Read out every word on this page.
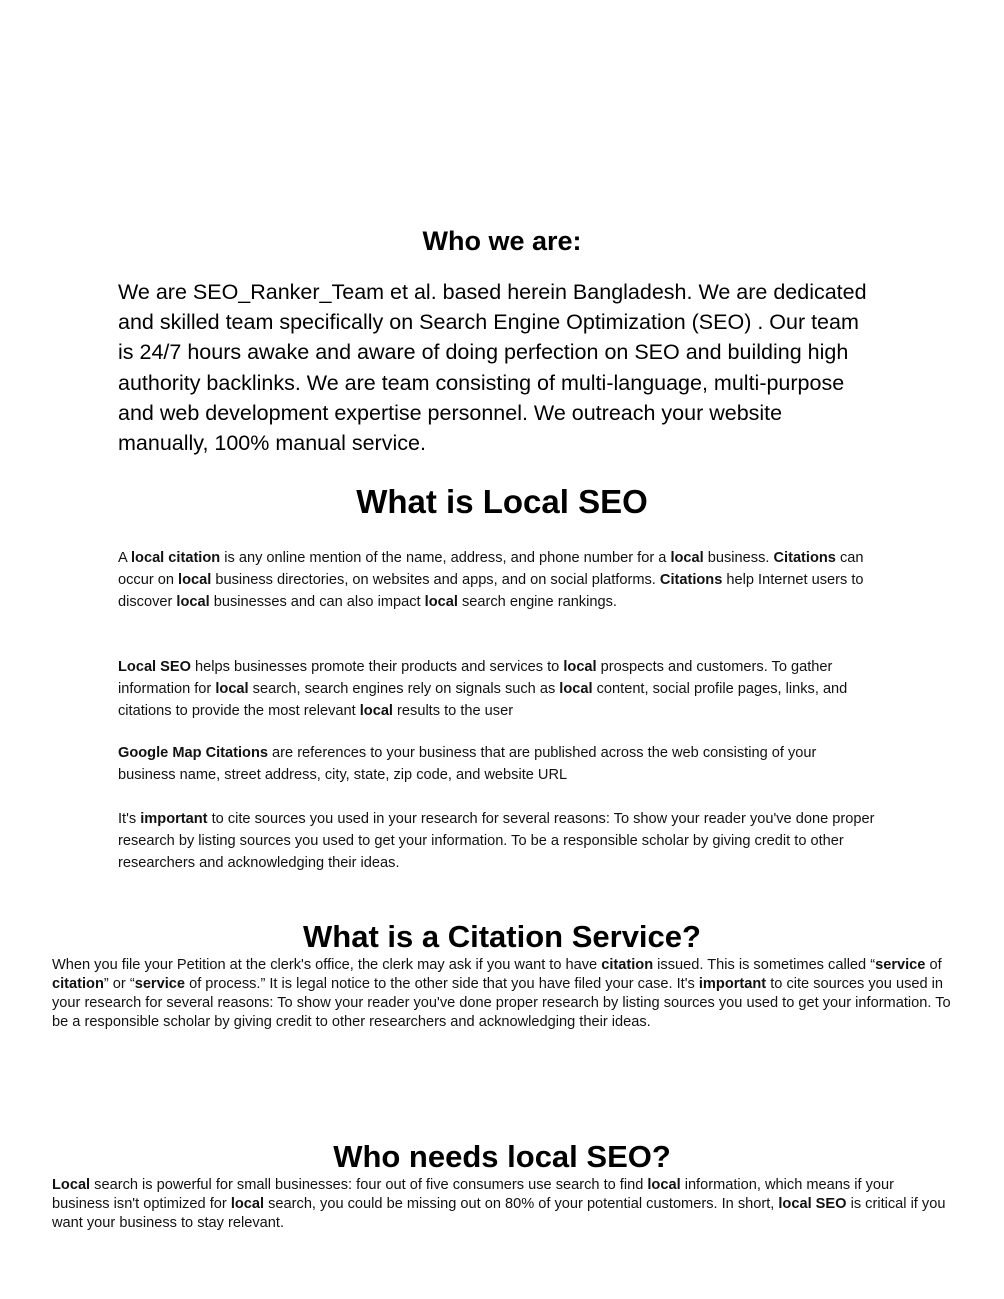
Who we are:

We are SEO_Ranker_Team et al. based herein Bangladesh. We are dedicated and skilled team specifically on Search Engine Optimization (SEO) . Our team is 24/7 hours awake and aware of doing perfection on SEO and building high authority backlinks. We are team consisting of multi-language, multi-purpose and web development expertise personnel. We outreach your website manually, 100% manual service.

What is Local SEO

A local citation is any online mention of the name, address, and phone number for a local business. Citations can occur on local business directories, on websites and apps, and on social platforms. Citations help Internet users to discover local businesses and can also impact local search engine rankings.

Local SEO helps businesses promote their products and services to local prospects and customers. To gather information for local search, search engines rely on signals such as local content, social profile pages, links, and citations to provide the most relevant local results to the user

Google Map Citations are references to your business that are published across the web consisting of your business name, street address, city, state, zip code, and website URL

It's important to cite sources you used in your research for several reasons: To show your reader you've done proper research by listing sources you used to get your information. To be a responsible scholar by giving credit to other researchers and acknowledging their ideas.

What is a Citation Service?

When you file your Petition at the clerk's office, the clerk may ask if you want to have citation issued. This is sometimes called “service of citation” or “service of process.” It is legal notice to the other side that you have filed your case. It's important to cite sources you used in your research for several reasons: To show your reader you've done proper research by listing sources you used to get your information. To be a responsible scholar by giving credit to other researchers and acknowledging their ideas.

Who needs local SEO?

Local search is powerful for small businesses: four out of five consumers use search to find local information, which means if your business isn't optimized for local search, you could be missing out on 80% of your potential customers. In short, local SEO is critical if you want your business to stay relevant.
